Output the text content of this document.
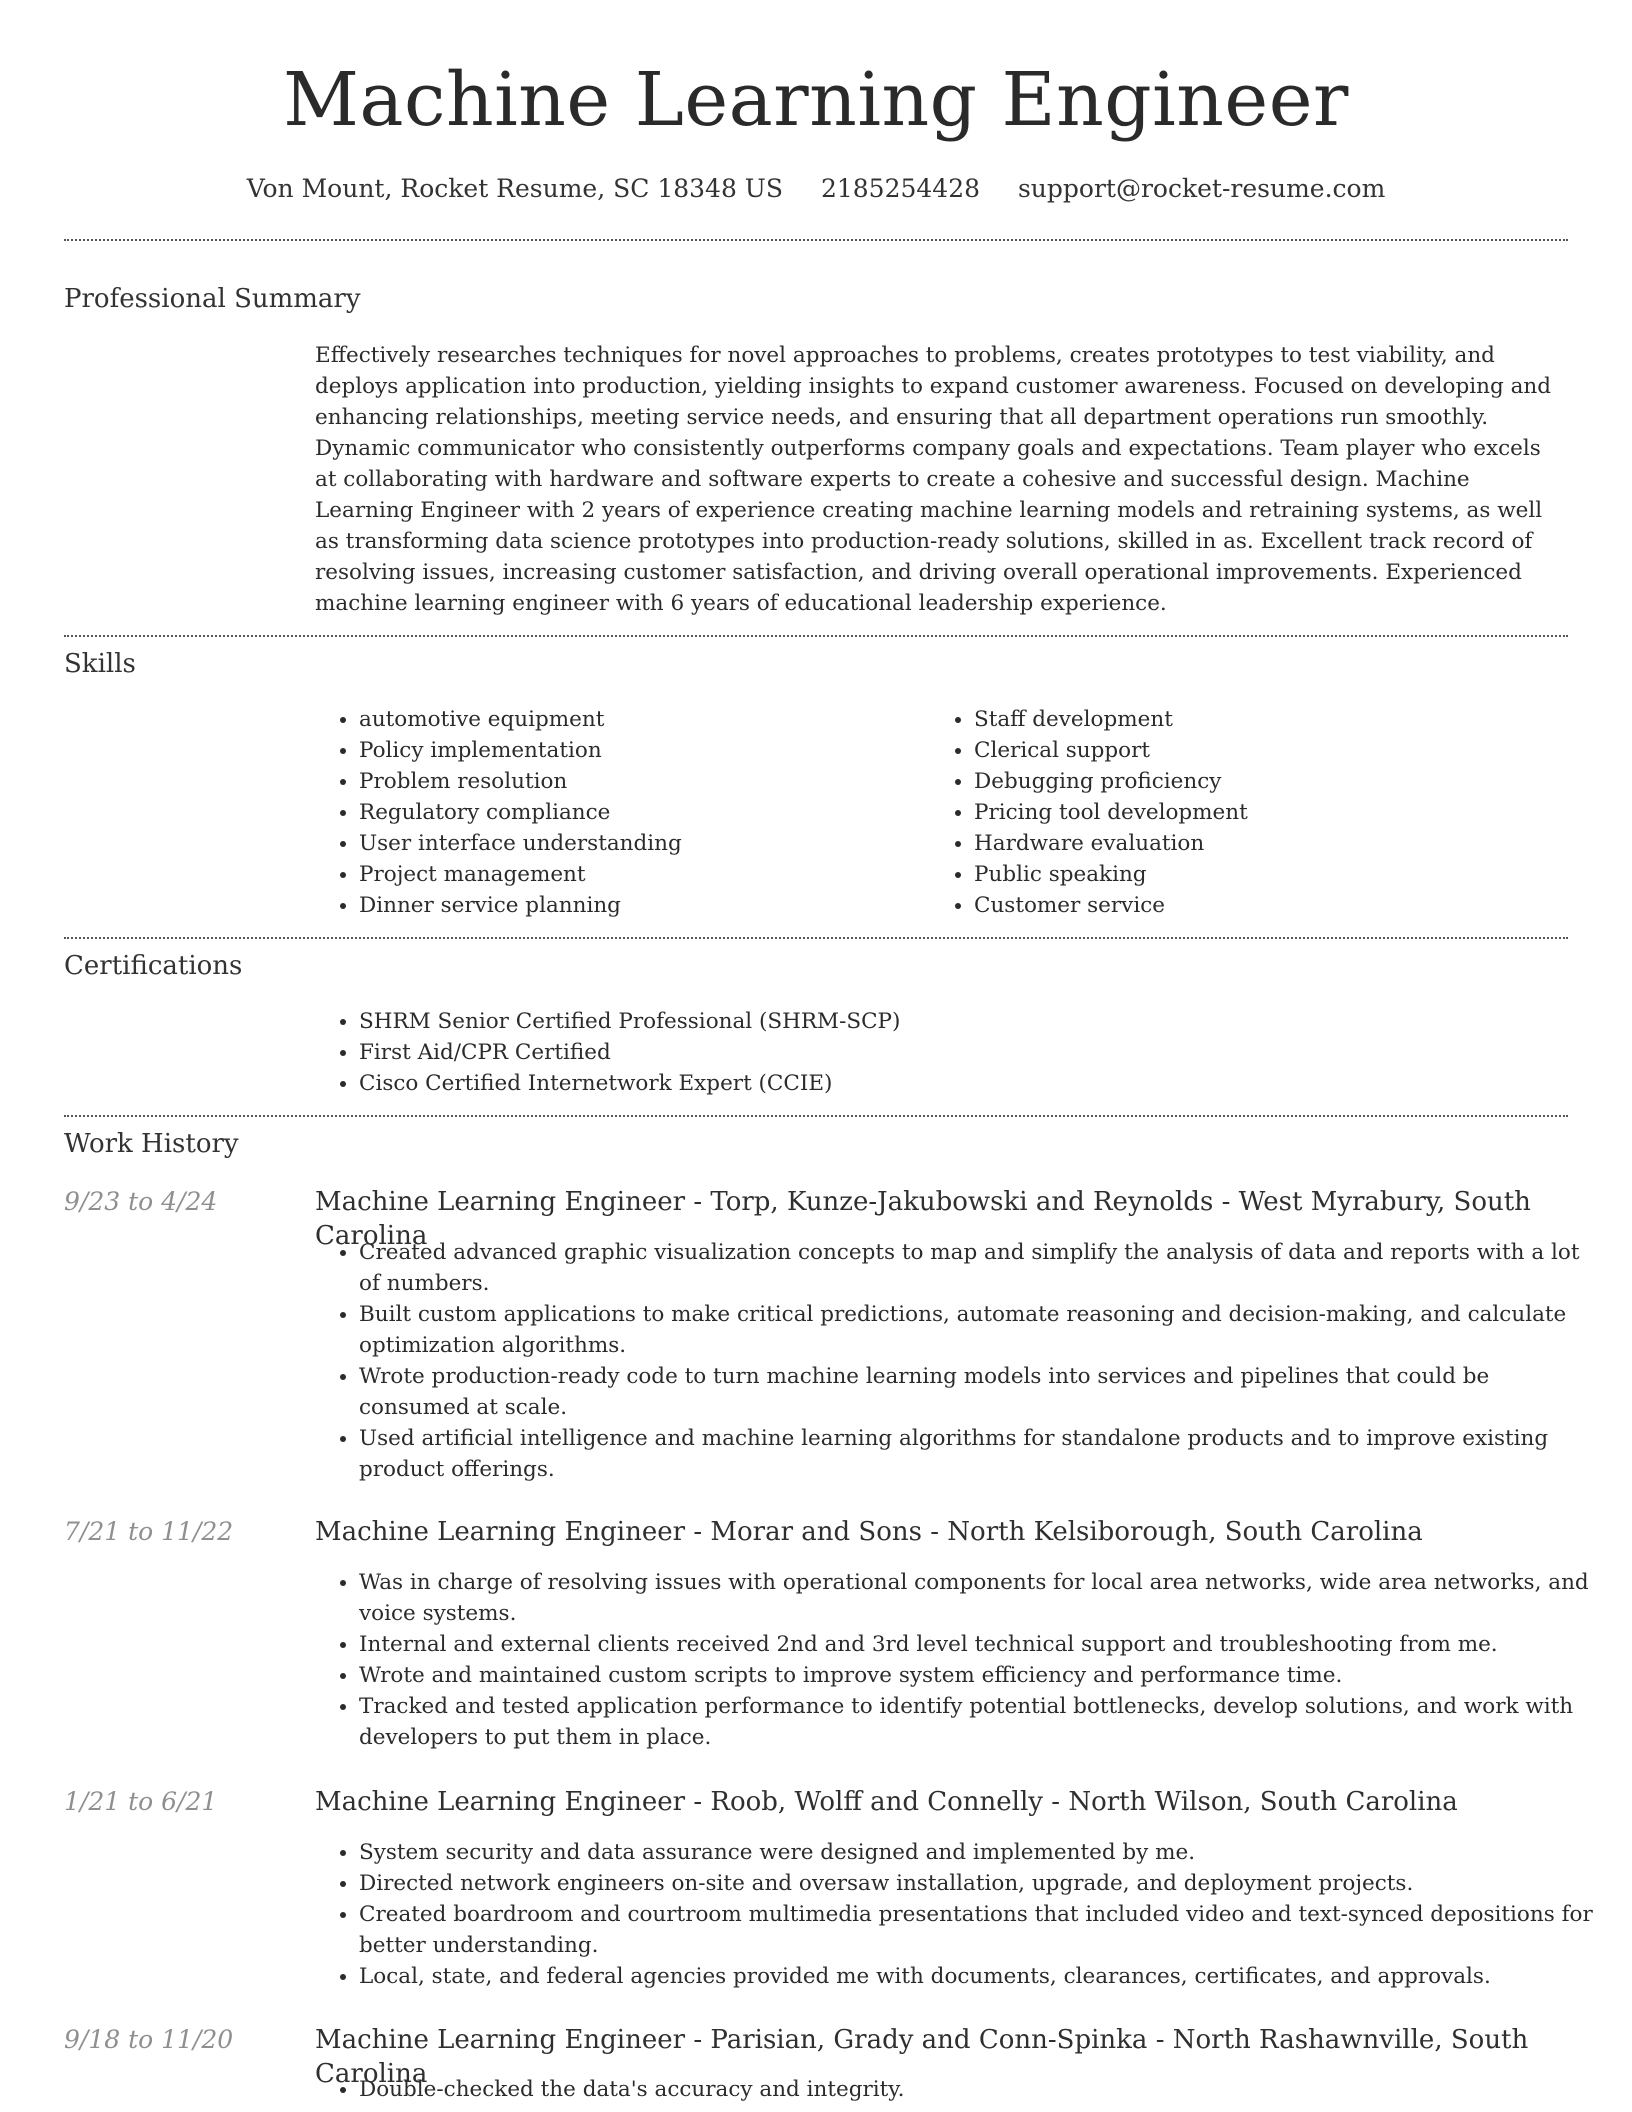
Machine Learning Engineer
Von Mount, Rocket Resume, SC 18348 US 2185254428 support@rocket-resume.com
Professional Summary

Effectively researches techniques for novel approaches to problems, creates prototypes to test viability, and deploys application into production, yielding insights to expand customer awareness. Focused on developing and enhancing relationships, meeting service needs, and ensuring that all department operations run smoothly. Dynamic communicator who consistently outperforms company goals and expectations. Team player who excels at collaborating with hardware and software experts to create a cohesive and successful design. Machine Learning Engineer with 2 years of experience creating machine learning models and retraining systems, as well as transforming data science prototypes into production-ready solutions, skilled in as. Excellent track record of resolving issues, increasing customer satisfaction, and driving overall operational improvements. Experienced machine learning engineer with 6 years of educational leadership experience.

Skills
• automotive equipment
• Policy implementation
• Problem resolution
• Regulatory compliance
• User interface understanding
• Project management
• Dinner service planning
• Staff development
• Clerical support
• Debugging proficiency
• Pricing tool development
• Hardware evaluation
• Public speaking
• Customer service
Certifications
• SHRM Senior Certified Professional (SHRM-SCP)
• First Aid/CPR Certified
• Cisco Certified Internetwork Expert (CCIE)
Work History
9/23 to 4/24	Machine Learning Engineer - Torp, Kunze-Jakubowski and Reynolds - West Myrabury, South Carolina
• Created advanced graphic visualization concepts to map and simplify the analysis of data and reports with a lot of numbers.
• Built custom applications to make critical predictions, automate reasoning and decision-making, and calculate optimization algorithms.
• Wrote production-ready code to turn machine learning models into services and pipelines that could be consumed at scale.
• Used artificial intelligence and machine learning algorithms for standalone products and to improve existing product offerings.
7/21 to 11/22	Machine Learning Engineer - Morar and Sons - North Kelsiborough, South Carolina
• Was in charge of resolving issues with operational components for local area networks, wide area networks, and voice systems.
• Internal and external clients received 2nd and 3rd level technical support and troubleshooting from me.
• Wrote and maintained custom scripts to improve system efficiency and performance time.
• Tracked and tested application performance to identify potential bottlenecks, develop solutions, and work with developers to put them in place.
1/21 to 6/21	Machine Learning Engineer - Roob, Wolff and Connelly - North Wilson, South Carolina
• System security and data assurance were designed and implemented by me.
• Directed network engineers on-site and oversaw installation, upgrade, and deployment projects.
• Created boardroom and courtroom multimedia presentations that included video and text-synced depositions for better understanding.
• Local, state, and federal agencies provided me with documents, clearances, certificates, and approvals.
9/18 to 11/20	Machine Learning Engineer - Parisian, Grady and Conn-Spinka - North Rashawnville, South Carolina
• Double-checked the data's accuracy and integrity.
